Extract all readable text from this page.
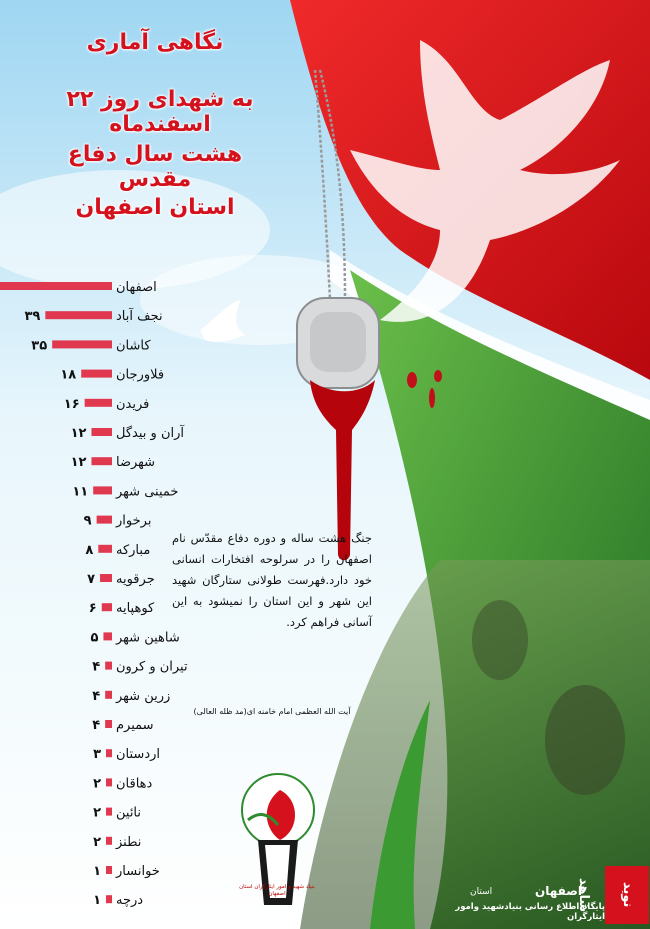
نگاهی آماری
به شهدای روز ۲۲ اسفندماه
هشت سال دفاع مقدس
استان اصفهان
اصفهان
نجف آباد
۳۹
کاشان
۳۵
فلاورجان
۱۸
فریدن
۱۶
آران و بیدگل
۱۲
شهرضا
۱۲
خمینی شهر
۱۱
برخوار
۹
مبارکه
۸
جرقویه
۷
کوهپایه
۶
شاهین شهر
۵
تیران و کرون
۴
زرین شهر
۴
سمیرم
۴
اردستان
۳
دهاقان
۲
نائین
۲
نطنز
۲
خوانسار
۱
درچه
۱
جنگ هشت ساله و دوره دفاع مقدّس نام اصفهان را در سرلوحه افتخارات انسانی خود دارد.فهرست طولانی ستارگان شهید این شهر و این استان را نمیشود به این آسانی فراهم کرد.
آیت الله العظمی امام خامنه ای(مد ظله العالی)
بنیاد شهید و امور ایثارگران استان اصفهان
پایگاه اطلاع رسانی بنیادشهید وامور ایثارگران
اصفهان
استان	نوید شاهد
